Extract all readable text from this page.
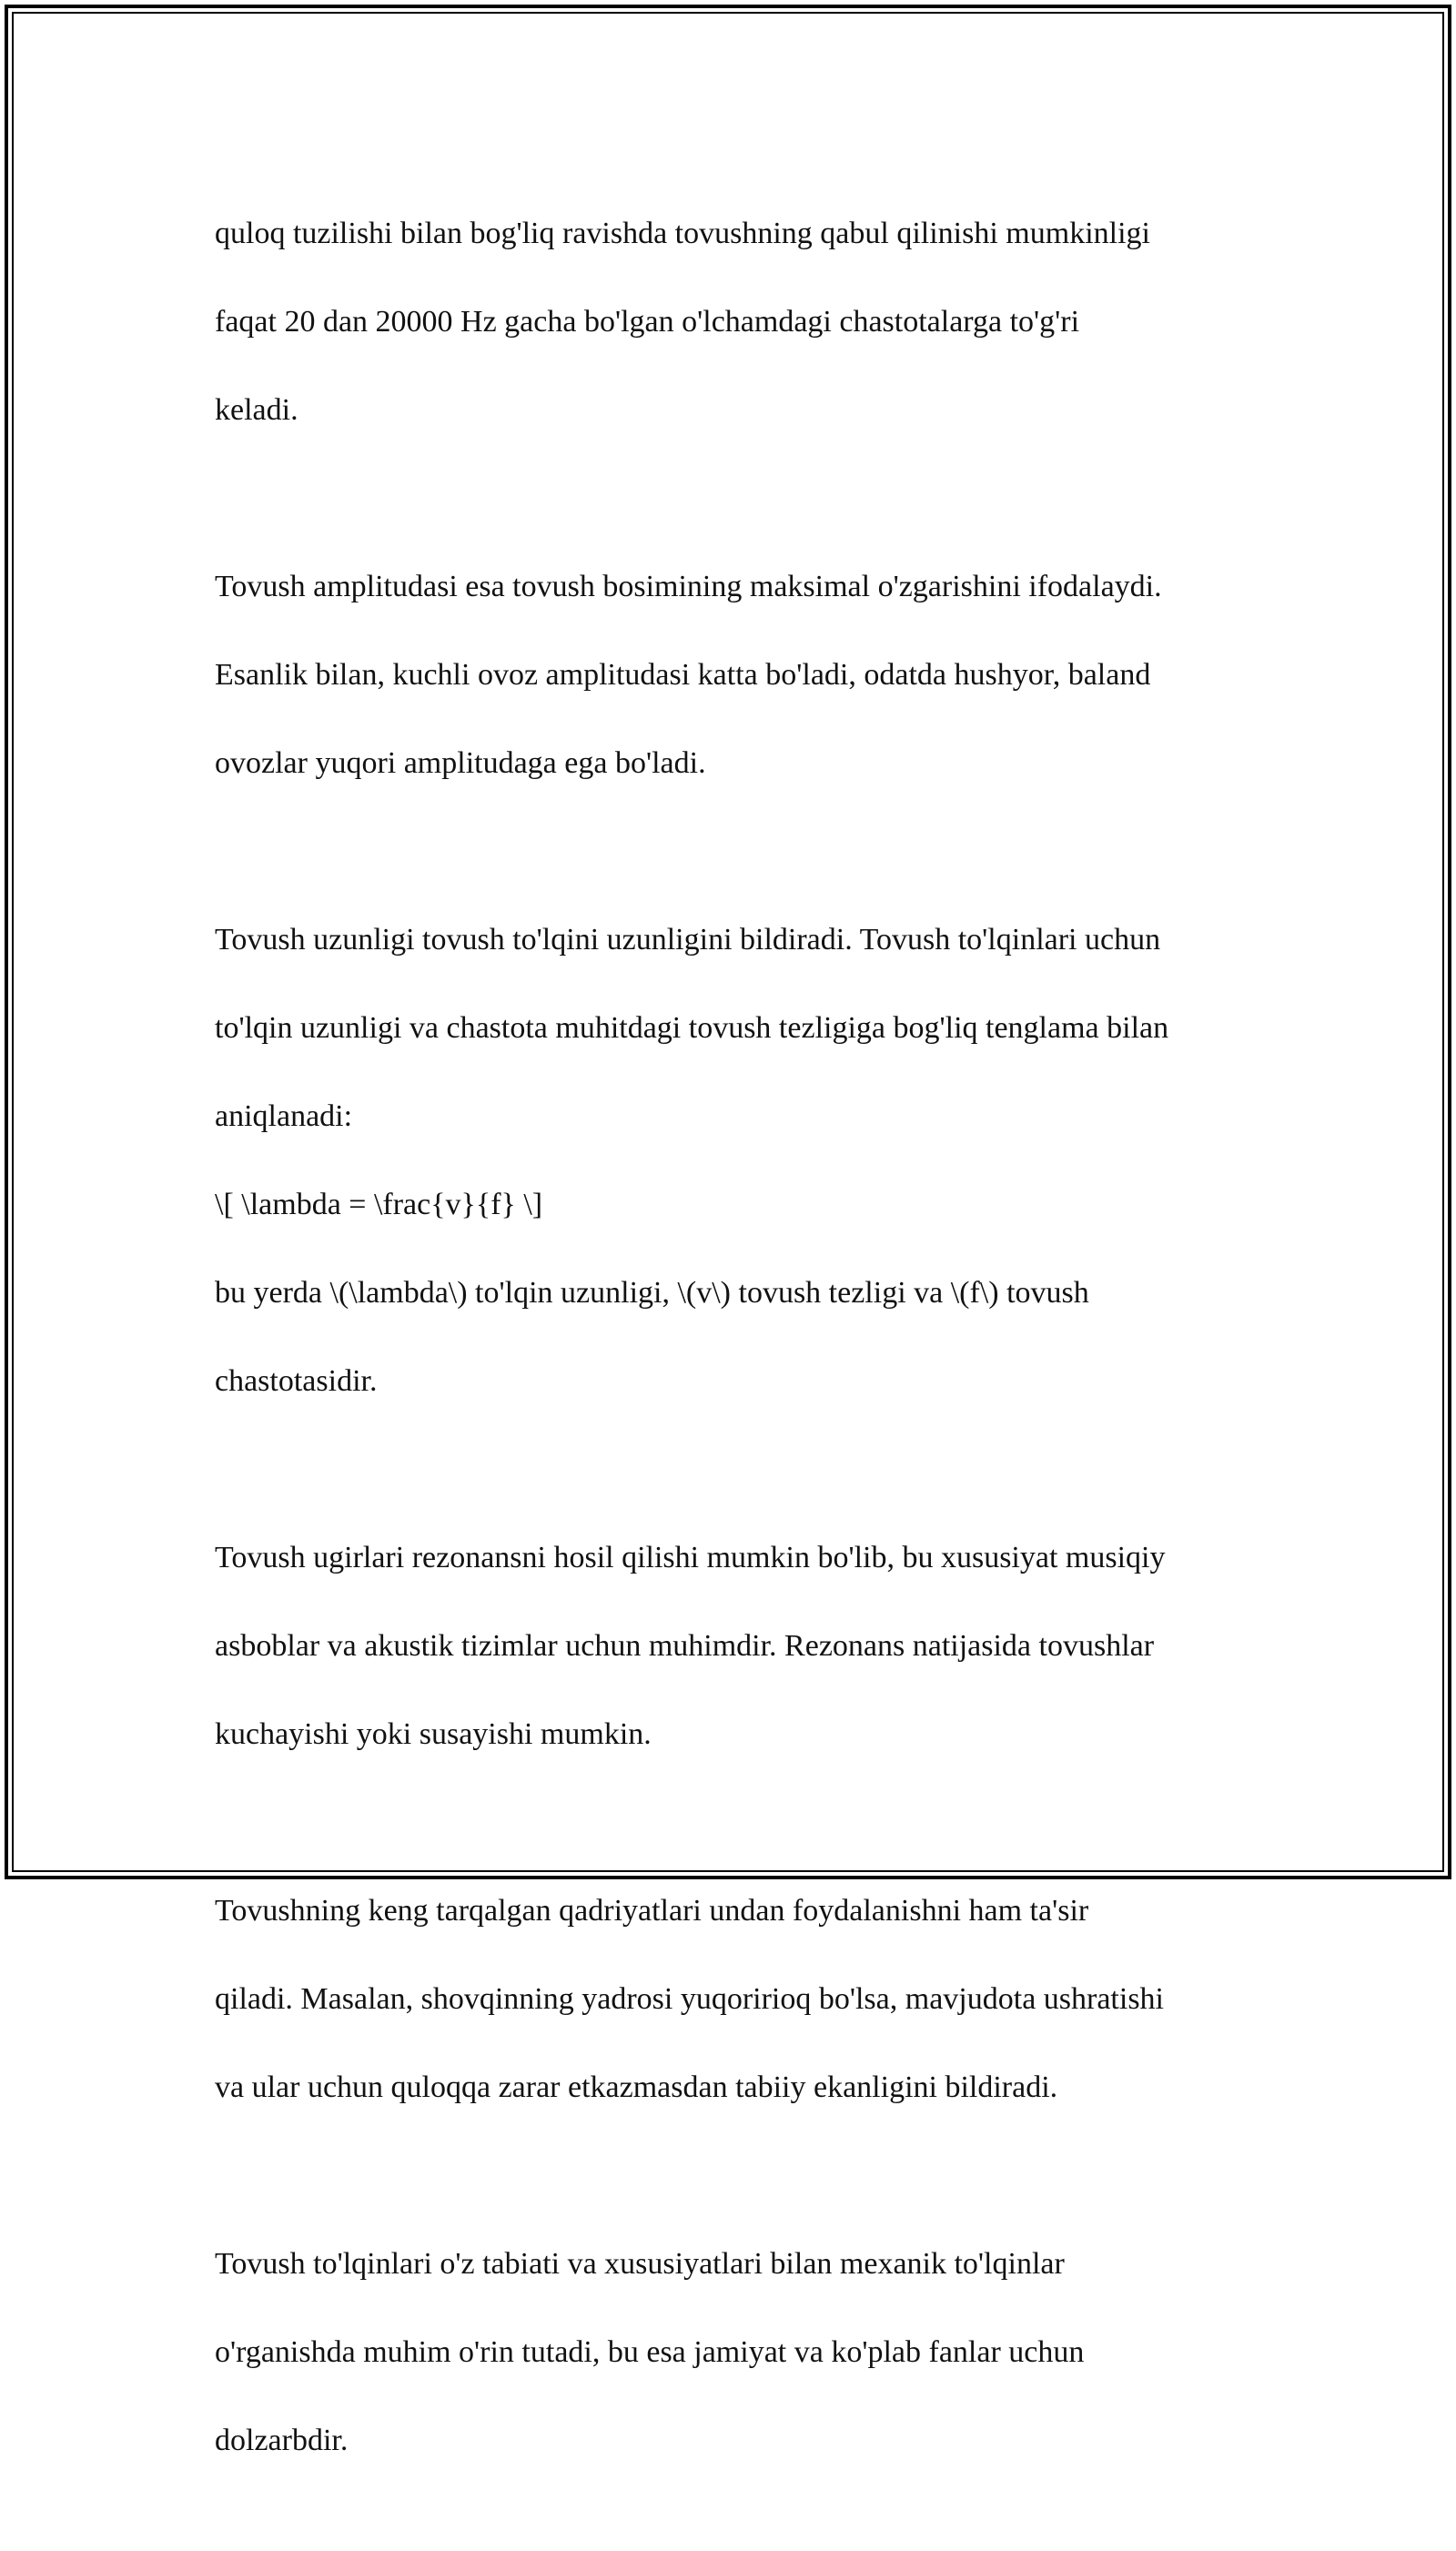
quloq tuzilishi bilan bog'liq ravishda tovushning qabul qilinishi mumkinligi

faqat 20 dan 20000 Hz gacha bo'lgan o'lchamdagi chastotalarga to'g'ri

keladi.

Tovush amplitudasi esa tovush bosimining maksimal o'zgarishini ifodalaydi.

Esanlik bilan, kuchli ovoz amplitudasi katta bo'ladi, odatda hushyor, baland

ovozlar yuqori amplitudaga ega bo'ladi.

Tovush uzunligi tovush to'lqini uzunligini bildiradi. Tovush to'lqinlari uchun

to'lqin uzunligi va chastota muhitdagi tovush tezligiga bog'liq tenglama bilan

aniqlanadi:

\[ \lambda = \frac{v}{f} \]

bu yerda \(\lambda\) to'lqin uzunligi, \(v\) tovush tezligi va \(f\) tovush

chastotasidir.

Tovush ugirlari rezonansni hosil qilishi mumkin bo'lib, bu xususiyat musiqiy

asboblar va akustik tizimlar uchun muhimdir. Rezonans natijasida tovushlar

kuchayishi yoki susayishi mumkin.

Tovushning keng tarqalgan qadriyatlari undan foydalanishni ham ta'sir

qiladi. Masalan, shovqinning yadrosi yuqoririoq bo'lsa, mavjudota ushratishi

va ular uchun quloqqa zarar etkazmasdan tabiiy ekanligini bildiradi.

Tovush to'lqinlari o'z tabiati va xususiyatlari bilan mexanik to'lqinlar

o'rganishda muhim o'rin tutadi, bu esa jamiyat va ko'plab fanlar uchun

dolzarbdir.
